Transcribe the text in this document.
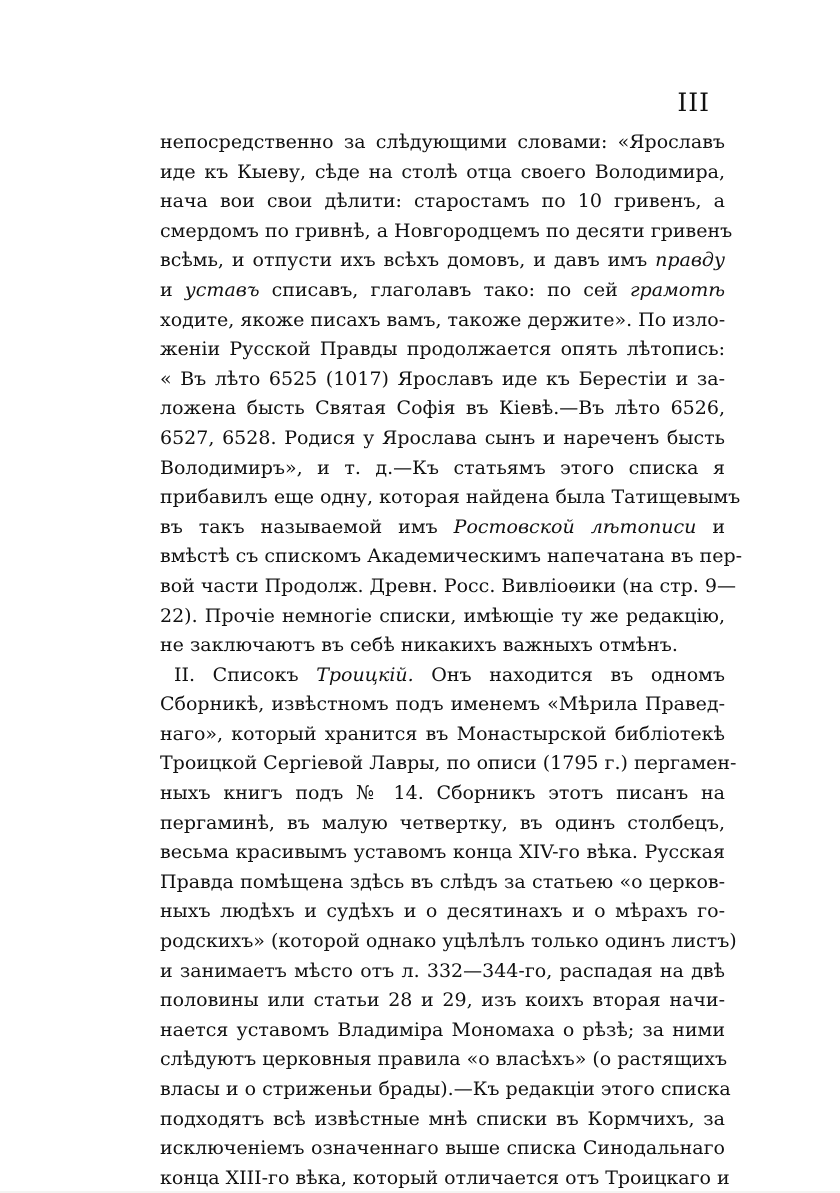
III
непосредственно за слѣдующими словами: «Ярославъ
иде къ Кыеву, сѣде на столѣ отца своего Володимира,
нача вои свои дѣлити: старостамъ по 10 гривенъ, а
смердомъ по гривнѣ, а Новгородцемъ по десяти гривенъ
всѣмь, и отпусти ихъ всѣхъ домовъ, и давъ имъ правду
и уставъ списавъ, глаголавъ тако: по сей грамотѣ
ходите, якоже писахъ вамъ, такоже держите». По изло-
женіи Русской Правды продолжается опять лѣтопись:
« Въ лѣто 6525 (1017) Ярославъ иде къ Берестіи и за-
ложена бысть Святая Софія въ Кіевѣ.—Въ лѣто 6526,
6527, 6528. Родися у Ярослава сынъ и нареченъ бысть
Володимиръ», и т. д.—Къ статьямъ этого списка я
прибавилъ еще одну, которая найдена была Татищевымъ
въ такъ называемой имъ Ростовской лѣтописи и
вмѣстѣ съ спискомъ Академическимъ напечатана въ пер-
вой части Продолж. Древн. Росс. Вивліоѳики (на стр. 9—
22). Прочіе немногіе списки, имѣющіе ту же редакцію,
не заключаютъ въ себѣ никакихъ важныхъ отмѣнъ.
II. Списокъ Троицкій. Онъ находится въ одномъ
Сборникѣ, извѣстномъ подъ именемъ «Мѣрила Правед-
наго», который хранится въ Монастырской библіотекѣ
Троицкой Сергіевой Лавры, по описи (1795 г.) пергамен-
ныхъ книгъ подъ № 14. Сборникъ этотъ писанъ на
пергаминѣ, въ малую четвертку, въ одинъ столбецъ,
весьма красивымъ уставомъ конца XIV-го вѣка. Русская
Правда помѣщена здѣсь въ слѣдъ за статьею «о церков-
ныхъ людѣхъ и судѣхъ и о десятинахъ и о мѣрахъ го-
родскихъ» (которой однако уцѣлѣлъ только одинъ листъ)
и занимаетъ мѣсто отъ л. 332—344-го, распадая на двѣ
половины или статьи 28 и 29, изъ коихъ вторая начи-
нается уставомъ Владиміра Мономаха о рѣзѣ; за ними
слѣдуютъ церковныя правила «о власѣхъ» (о растящихъ
власы и о стриженьи брады).—Къ редакціи этого списка
подходятъ всѣ извѣстные мнѣ списки въ Кормчихъ, за
исключеніемъ означеннаго выше списка Синодальнаго
конца XIII-го вѣка, который отличается отъ Троицкаго и
